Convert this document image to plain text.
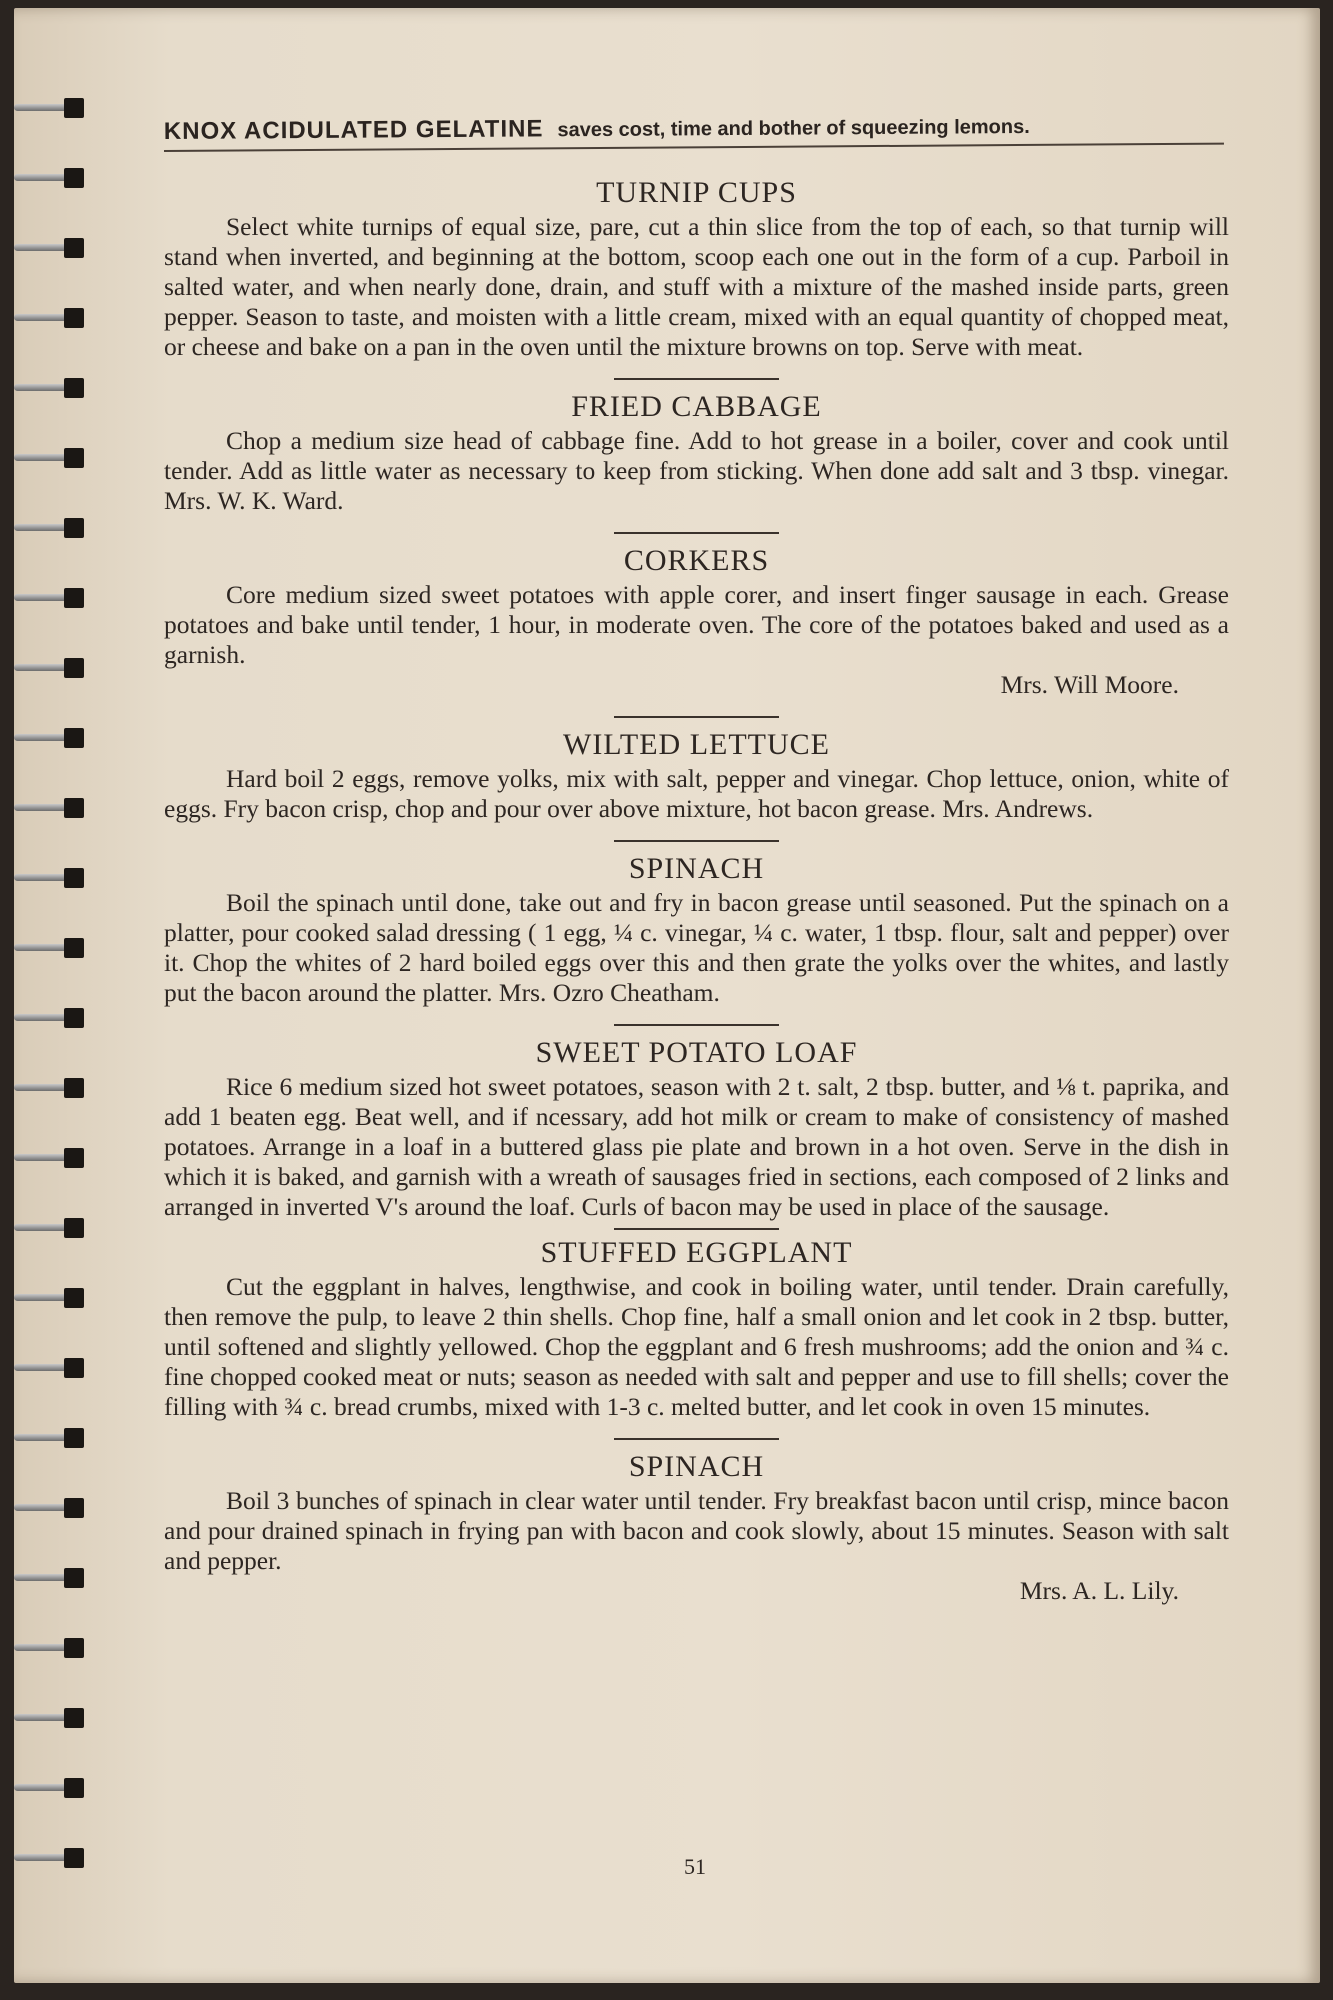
KNOX ACIDULATED GELATINE saves cost, time and bother of squeezing lemons.
TURNIP CUPS

Select white turnips of equal size, pare, cut a thin slice from the top of each, so that turnip will stand when inverted, and beginning at the bottom, scoop each one out in the form of a cup. Parboil in salted water, and when nearly done, drain, and stuff with a mixture of the mashed inside parts, green pepper. Season to taste, and moisten with a little cream, mixed with an equal quantity of chopped meat, or cheese and bake on a pan in the oven until the mixture browns on top. Serve with meat.

FRIED CABBAGE

Chop a medium size head of cabbage fine. Add to hot grease in a boiler, cover and cook until tender. Add as little water as necessary to keep from sticking. When done add salt and 3 tbsp. vinegar. Mrs. W. K. Ward.

CORKERS

Core medium sized sweet potatoes with apple corer, and insert finger sausage in each. Grease potatoes and bake until tender, 1 hour, in moderate oven. The core of the potatoes baked and used as a garnish.

Mrs. Will Moore.
WILTED LETTUCE

Hard boil 2 eggs, remove yolks, mix with salt, pepper and vinegar. Chop lettuce, onion, white of eggs. Fry bacon crisp, chop and pour over above mixture, hot bacon grease. Mrs. Andrews.

SPINACH

Boil the spinach until done, take out and fry in bacon grease until seasoned. Put the spinach on a platter, pour cooked salad dressing ( 1 egg, ¼ c. vinegar, ¼ c. water, 1 tbsp. flour, salt and pepper) over it. Chop the whites of 2 hard boiled eggs over this and then grate the yolks over the whites, and lastly put the bacon around the platter. Mrs. Ozro Cheatham.

SWEET POTATO LOAF

Rice 6 medium sized hot sweet potatoes, season with 2 t. salt, 2 tbsp. butter, and ⅛ t. paprika, and add 1 beaten egg. Beat well, and if ncessary, add hot milk or cream to make of consistency of mashed potatoes. Arrange in a loaf in a buttered glass pie plate and brown in a hot oven. Serve in the dish in which it is baked, and garnish with a wreath of sausages fried in sections, each composed of 2 links and arranged in inverted V's around the loaf. Curls of bacon may be used in place of the sausage.

STUFFED EGGPLANT

Cut the eggplant in halves, lengthwise, and cook in boiling water, until tender. Drain carefully, then remove the pulp, to leave 2 thin shells. Chop fine, half a small onion and let cook in 2 tbsp. butter, until softened and slightly yellowed. Chop the eggplant and 6 fresh mushrooms; add the onion and ¾ c. fine chopped cooked meat or nuts; season as needed with salt and pepper and use to fill shells; cover the filling with ¾ c. bread crumbs, mixed with 1-3 c. melted butter, and let cook in oven 15 minutes.

SPINACH

Boil 3 bunches of spinach in clear water until tender. Fry breakfast bacon until crisp, mince bacon and pour drained spinach in frying pan with bacon and cook slowly, about 15 minutes. Season with salt and pepper.

Mrs. A. L. Lily.
51
